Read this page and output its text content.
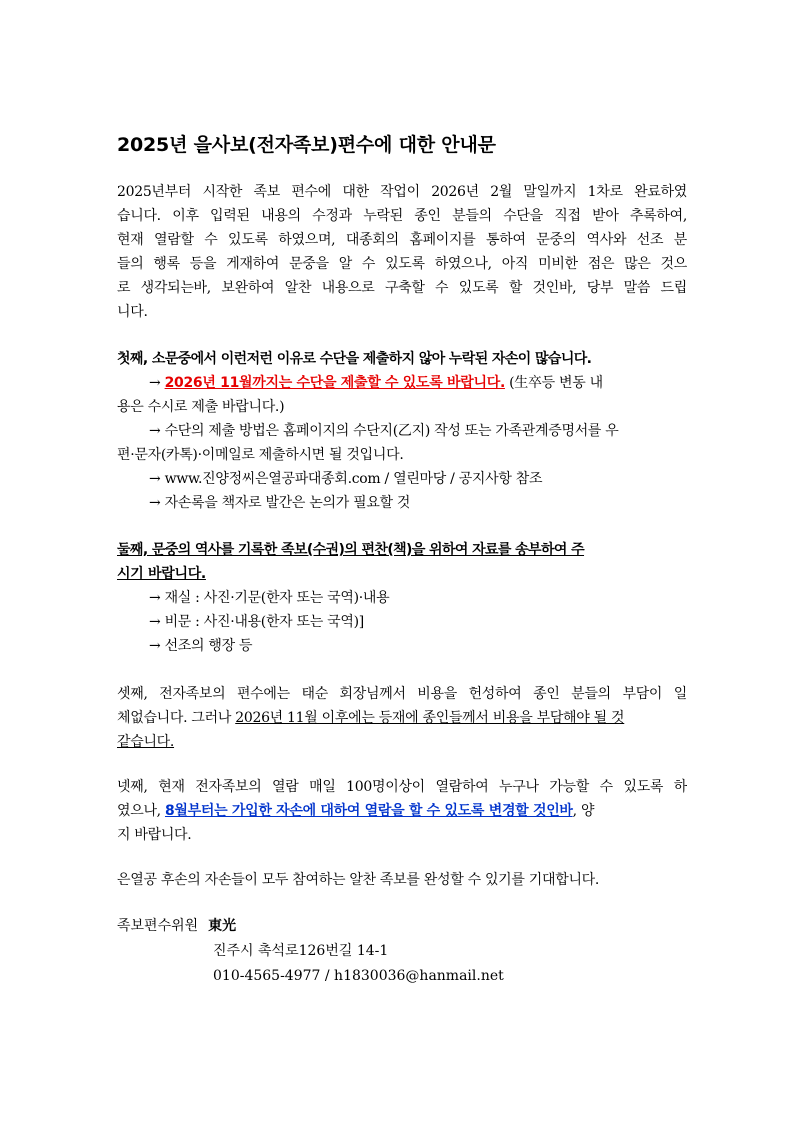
2025년 을사보(전자족보)편수에 대한 안내문
2025년부터 시작한 족보 편수에 대한 작업이 2026년 2월 말일까지 1차로 완료하였
습니다. 이후 입력된 내용의 수정과 누락된 종인 분들의 수단을 직접 받아 추록하여,
현재 열람할 수 있도록 하였으며, 대종회의 홈페이지를 통하여 문중의 역사와 선조 분
들의 행록 등을 게재하여 문중을 알 수 있도록 하였으나, 아직 미비한 점은 많은 것으
로 생각되는바, 보완하여 알찬 내용으로 구축할 수 있도록 할 것인바, 당부 말씀 드립
니다.
첫째, 소문중에서 이런저런 이유로 수단을 제출하지 않아 누락된 자손이 많습니다.
→ 2026년 11월까지는 수단을 제출할 수 있도록 바랍니다. (生卒등 변동 내
용은 수시로 제출 바랍니다.)
→ 수단의 제출 방법은 홈페이지의 수단지(乙지) 작성 또는 가족관계증명서를 우
편·문자(카톡)·이메일로 제출하시면 될 것입니다.
→ www.진양정씨은열공파대종회.com / 열린마당 / 공지사항 참조
→ 자손록을 책자로 발간은 논의가 필요할 것
둘째, 문중의 역사를 기록한 족보(수권)의 편찬(책)을 위하여 자료를 송부하여 주
시기 바랍니다.
→ 재실 : 사진·기문(한자 또는 국역)·내용
→ 비문 : 사진·내용(한자 또는 국역)]
→ 선조의 행장 등
셋째, 전자족보의 편수에는 태순 회장님께서 비용을 헌성하여 종인 분들의 부담이 일
체없습니다. 그러나 2026년 11월 이후에는 등재에 종인들께서 비용을 부담해야 될 것
같습니다.
넷째, 현재 전자족보의 열람 매일 100명이상이 열람하여 누구나 가능할 수 있도록 하
였으나, 8월부터는 가입한 자손에 대하여 열람을 할 수 있도록 변경할 것인바, 양
지 바랍니다.
은열공 후손의 자손들이 모두 참여하는 알찬 족보를 완성할 수 있기를 기대합니다.
족보편수위원 東光
진주시 촉석로126번길 14-1
010-4565-4977 / h1830036@hanmail.net
